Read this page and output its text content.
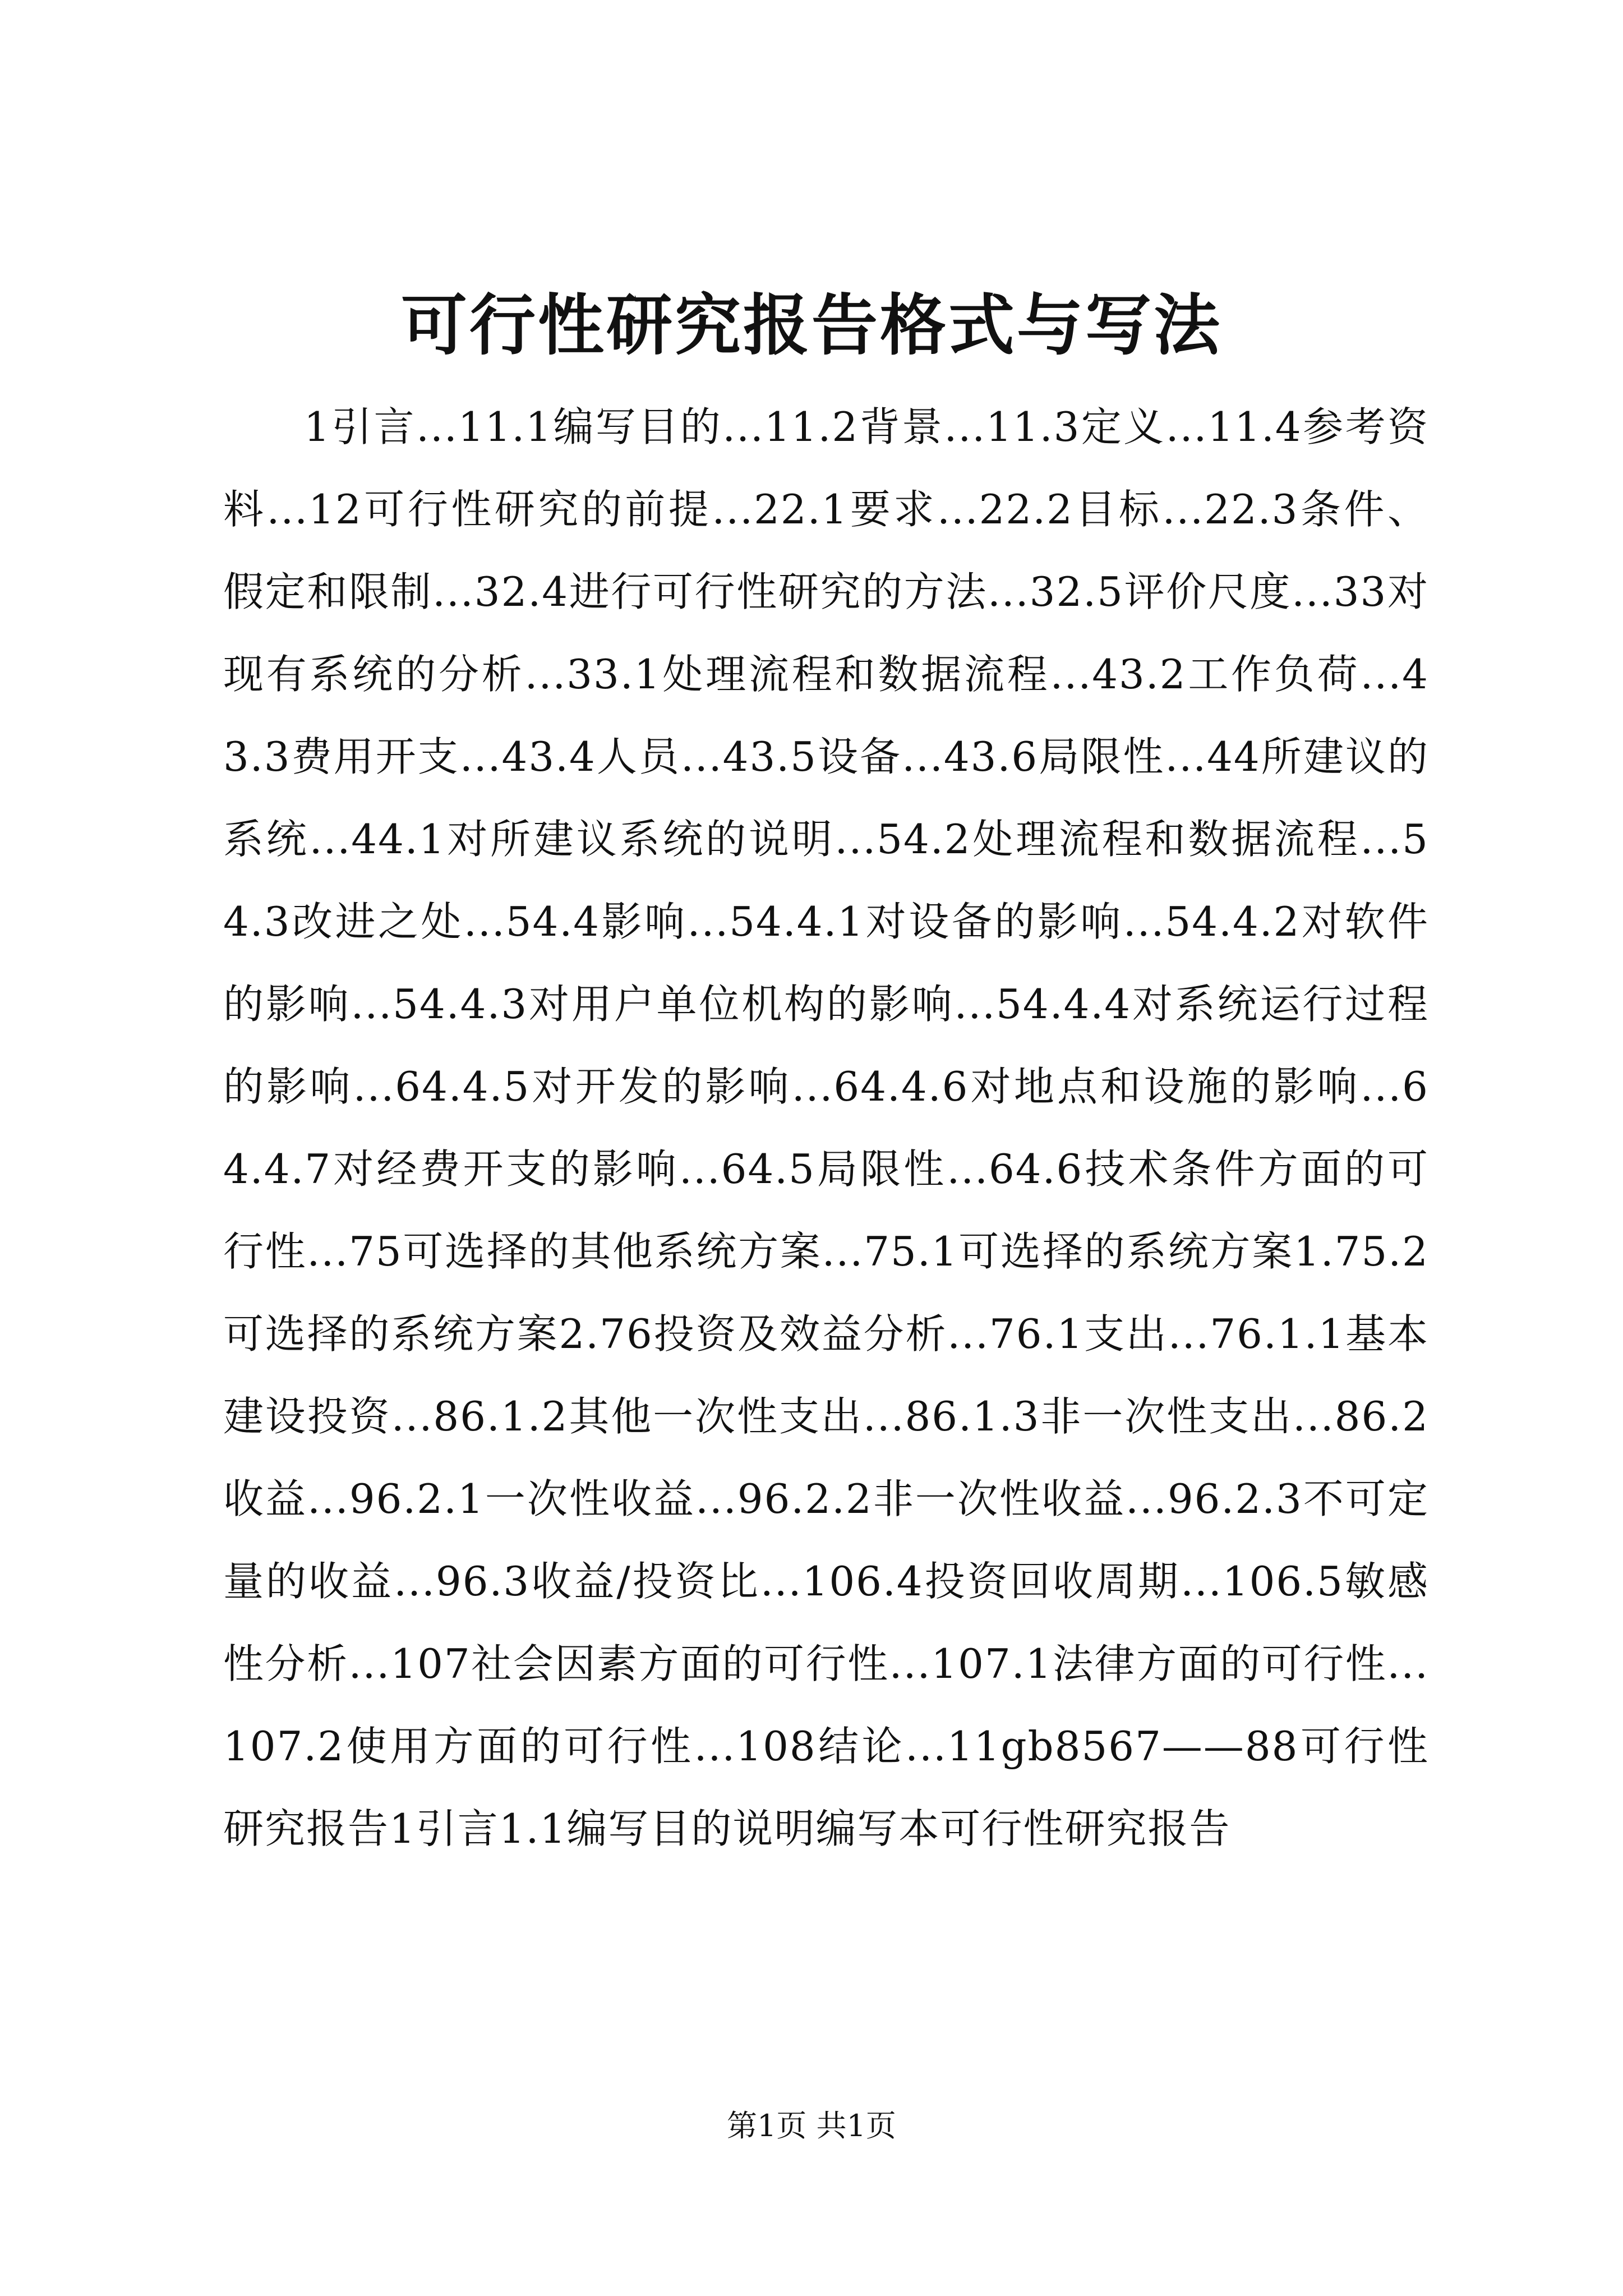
可行性研究报告格式与写法

1引言...11.1编写目的...11.2背景...11.3定义...11.4参考资料...12可行性研究的前提...22.1要求...22.2目标...22.3条件、假定和限制...32.4进行可行性研究的方法...32.5评价尺度...33对现有系统的分析...33.1处理流程和数据流程...43.2工作负荷...43.3费用开支...43.4人员...43.5设备...43.6局限性...44所建议的系统...44.1对所建议系统的说明...54.2处理流程和数据流程...54.3改进之处...54.4影响...54.4.1对设备的影响...54.4.2对软件的影响...54.4.3对用户单位机构的影响...54.4.4对系统运行过程的影响...64.4.5对开发的影响...64.4.6对地点和设施的影响...64.4.7对经费开支的影响...64.5局限性...64.6技术条件方面的可行性...75可选择的其他系统方案...75.1可选择的系统方案1.75.2可选择的系统方案2.76投资及效益分析...76.1支出...76.1.1基本建设投资...86.1.2其他一次性支出...86.1.3非一次性支出...86.2收益...96.2.1一次性收益...96.2.2非一次性收益...96.2.3不可定量的收益...96.3收益/投资比...106.4投资回收周期...106.5敏感性分析...107社会因素方面的可行性...107.1法律方面的可行性...107.2使用方面的可行性...108结论...11gb8567——88可行性研究报告1引言1.1编写目的说明编写本可行性研究报告

第1页 共1页
